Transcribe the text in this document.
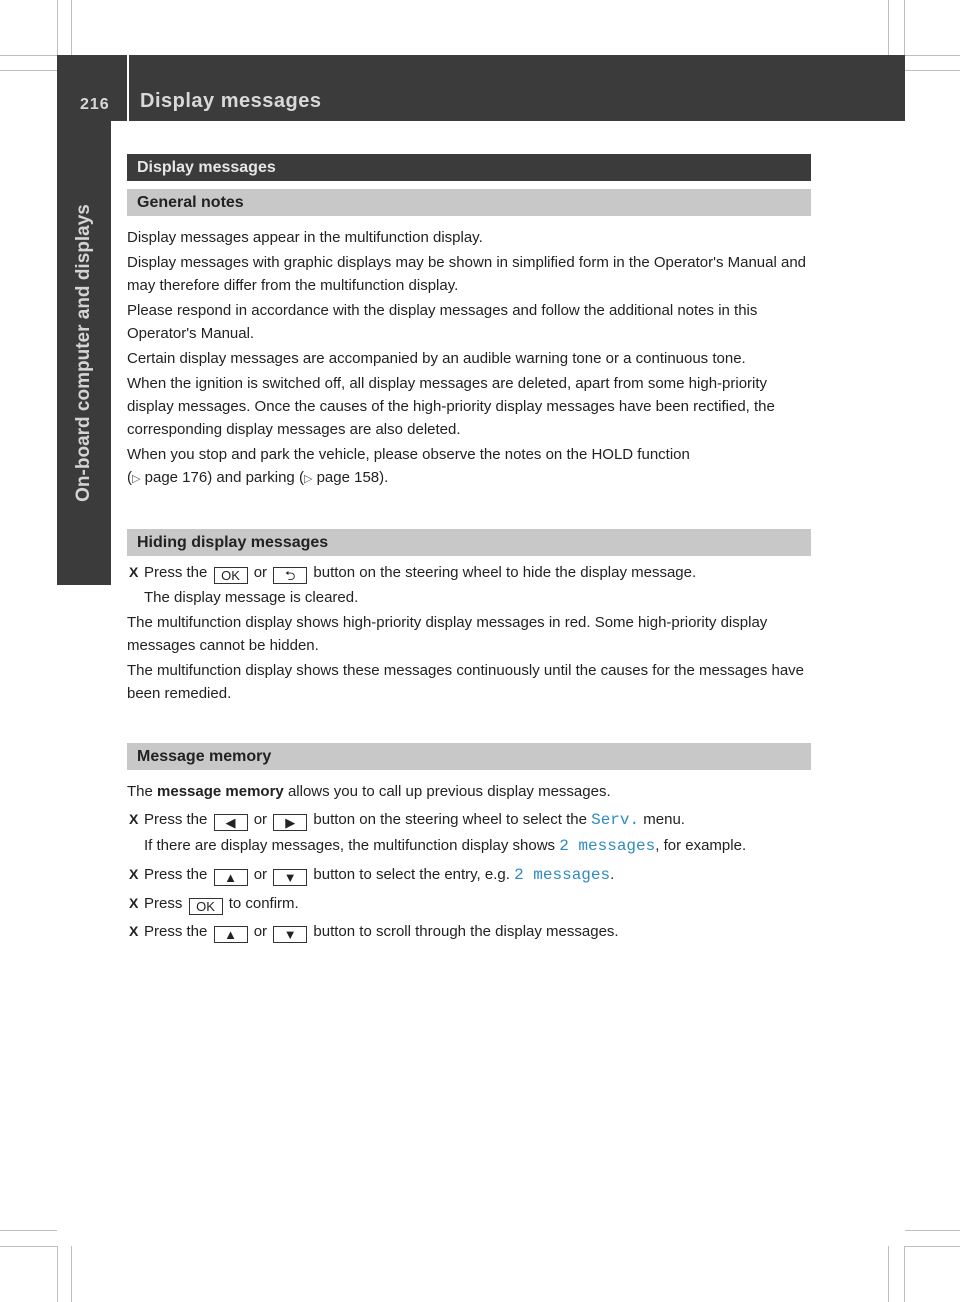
216 Display messages
On-board computer and displays
Display messages
General notes

Display messages appear in the multifunction display.

Display messages with graphic displays may be shown in simplified form in the Operator's Manual and may therefore differ from the multifunction display.

Please respond in accordance with the display messages and follow the additional notes in this Operator's Manual.

Certain display messages are accompanied by an audible warning tone or a continuous tone.

When the ignition is switched off, all display messages are deleted, apart from some high-priority display messages. Once the causes of the high-priority display messages have been rectified, the corresponding display messages are also deleted.

When you stop and park the vehicle, please observe the notes on the HOLD function
(▷ page 176) and parking (▷ page 158).

Hiding display messages

X Press the OK or ⮌ button on the steering wheel to hide the display message.

The display message is cleared.

The multifunction display shows high-priority display messages in red. Some high-priority display messages cannot be hidden.

The multifunction display shows these messages continuously until the causes for the messages have been remedied.

Message memory

The message memory allows you to call up previous display messages.

X Press the ◀ or ▶ button on the steering wheel to select the Serv. menu.

If there are display messages, the multifunction display shows 2 messages, for example.

X Press the ▲ or ▼ button to select the entry, e.g. 2 messages.

X Press OK to confirm.

X Press the ▲ or ▼ button to scroll through the display messages.
